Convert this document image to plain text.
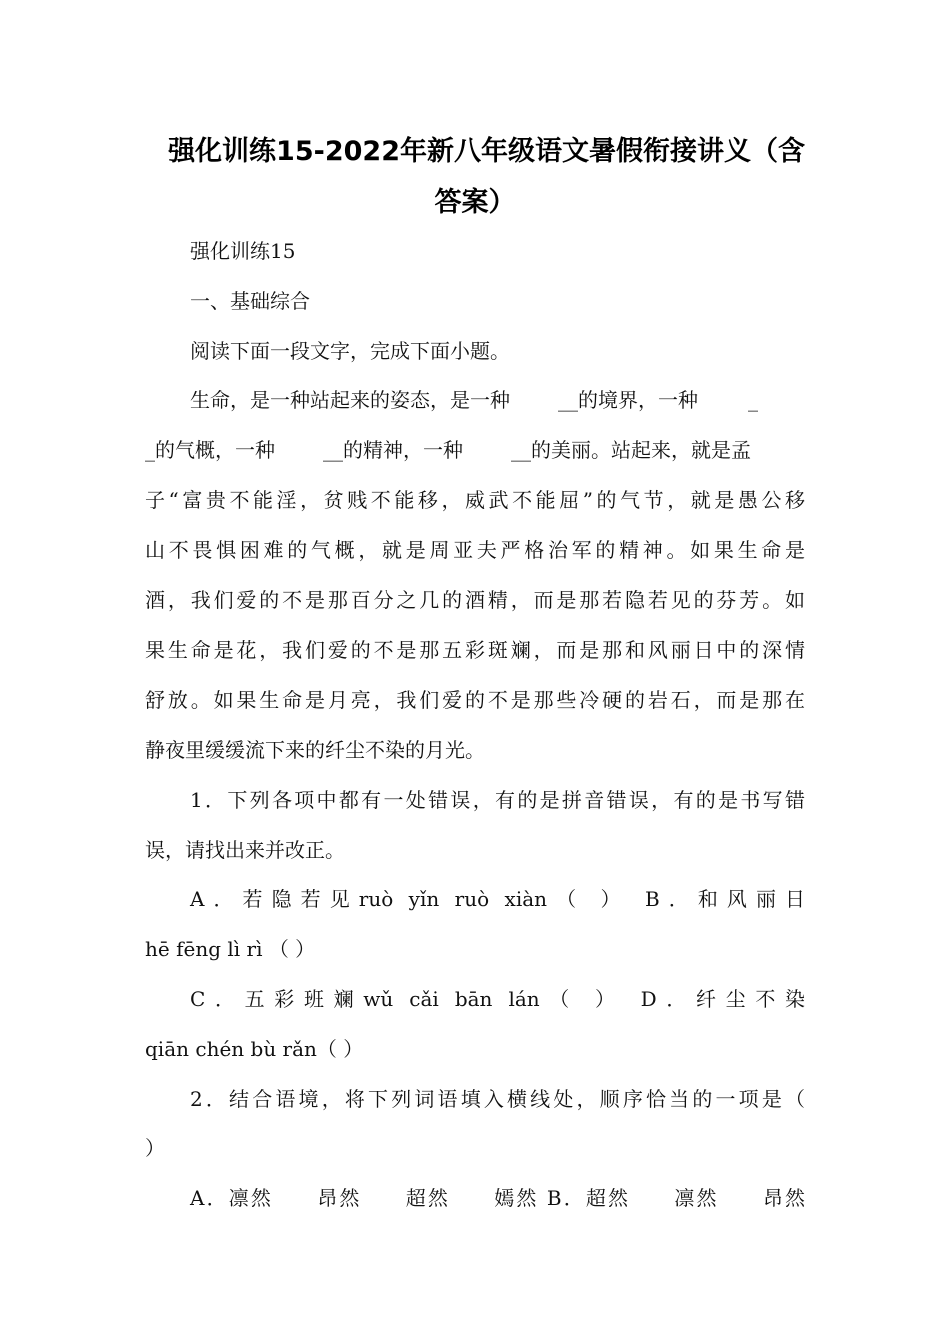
强化训练15-2022年新八年级语文暑假衔接讲义（含
答案）
强化训练15
一、基础综合
阅读下面一段文字，完成下面小题。
生命，是一种站起来的姿态，是一种 __的境界，一种	_
_的气概，一种 __的精神，一种 __的美丽。站起来，就是孟
子“富贵不能淫，贫贱不能移，威武不能屈”的气节，就是愚公移
山不畏惧困难的气概，就是周亚夫严格治军的精神。如果生命是
酒，我们爱的不是那百分之几的酒精，而是那若隐若见的芬芳。如
果生命是花，我们爱的不是那五彩斑斓，而是那和风丽日中的深情
舒放。如果生命是月亮，我们爱的不是那些冷硬的岩石，而是那在
静夜里缓缓流下来的纤尘不染的月光。
1．下列各项中都有一处错误，有的是拼音错误，有的是书写错
误，请找出来并改正。
A．若隐若见ruò yǐn ruò xiàn（ ） B．和风丽日
hē fēng lì rì （ ）
C．五彩班斓wǔ cǎi bān lán（ ） D．纤尘不染
qiān chén bù rǎn（ ）
2．结合语境，将下列词语填入横线处，顺序恰当的一项是（
）
A．凛然　　昂然　　超然　　嫣然 B．超然　　凛然　　昂然
